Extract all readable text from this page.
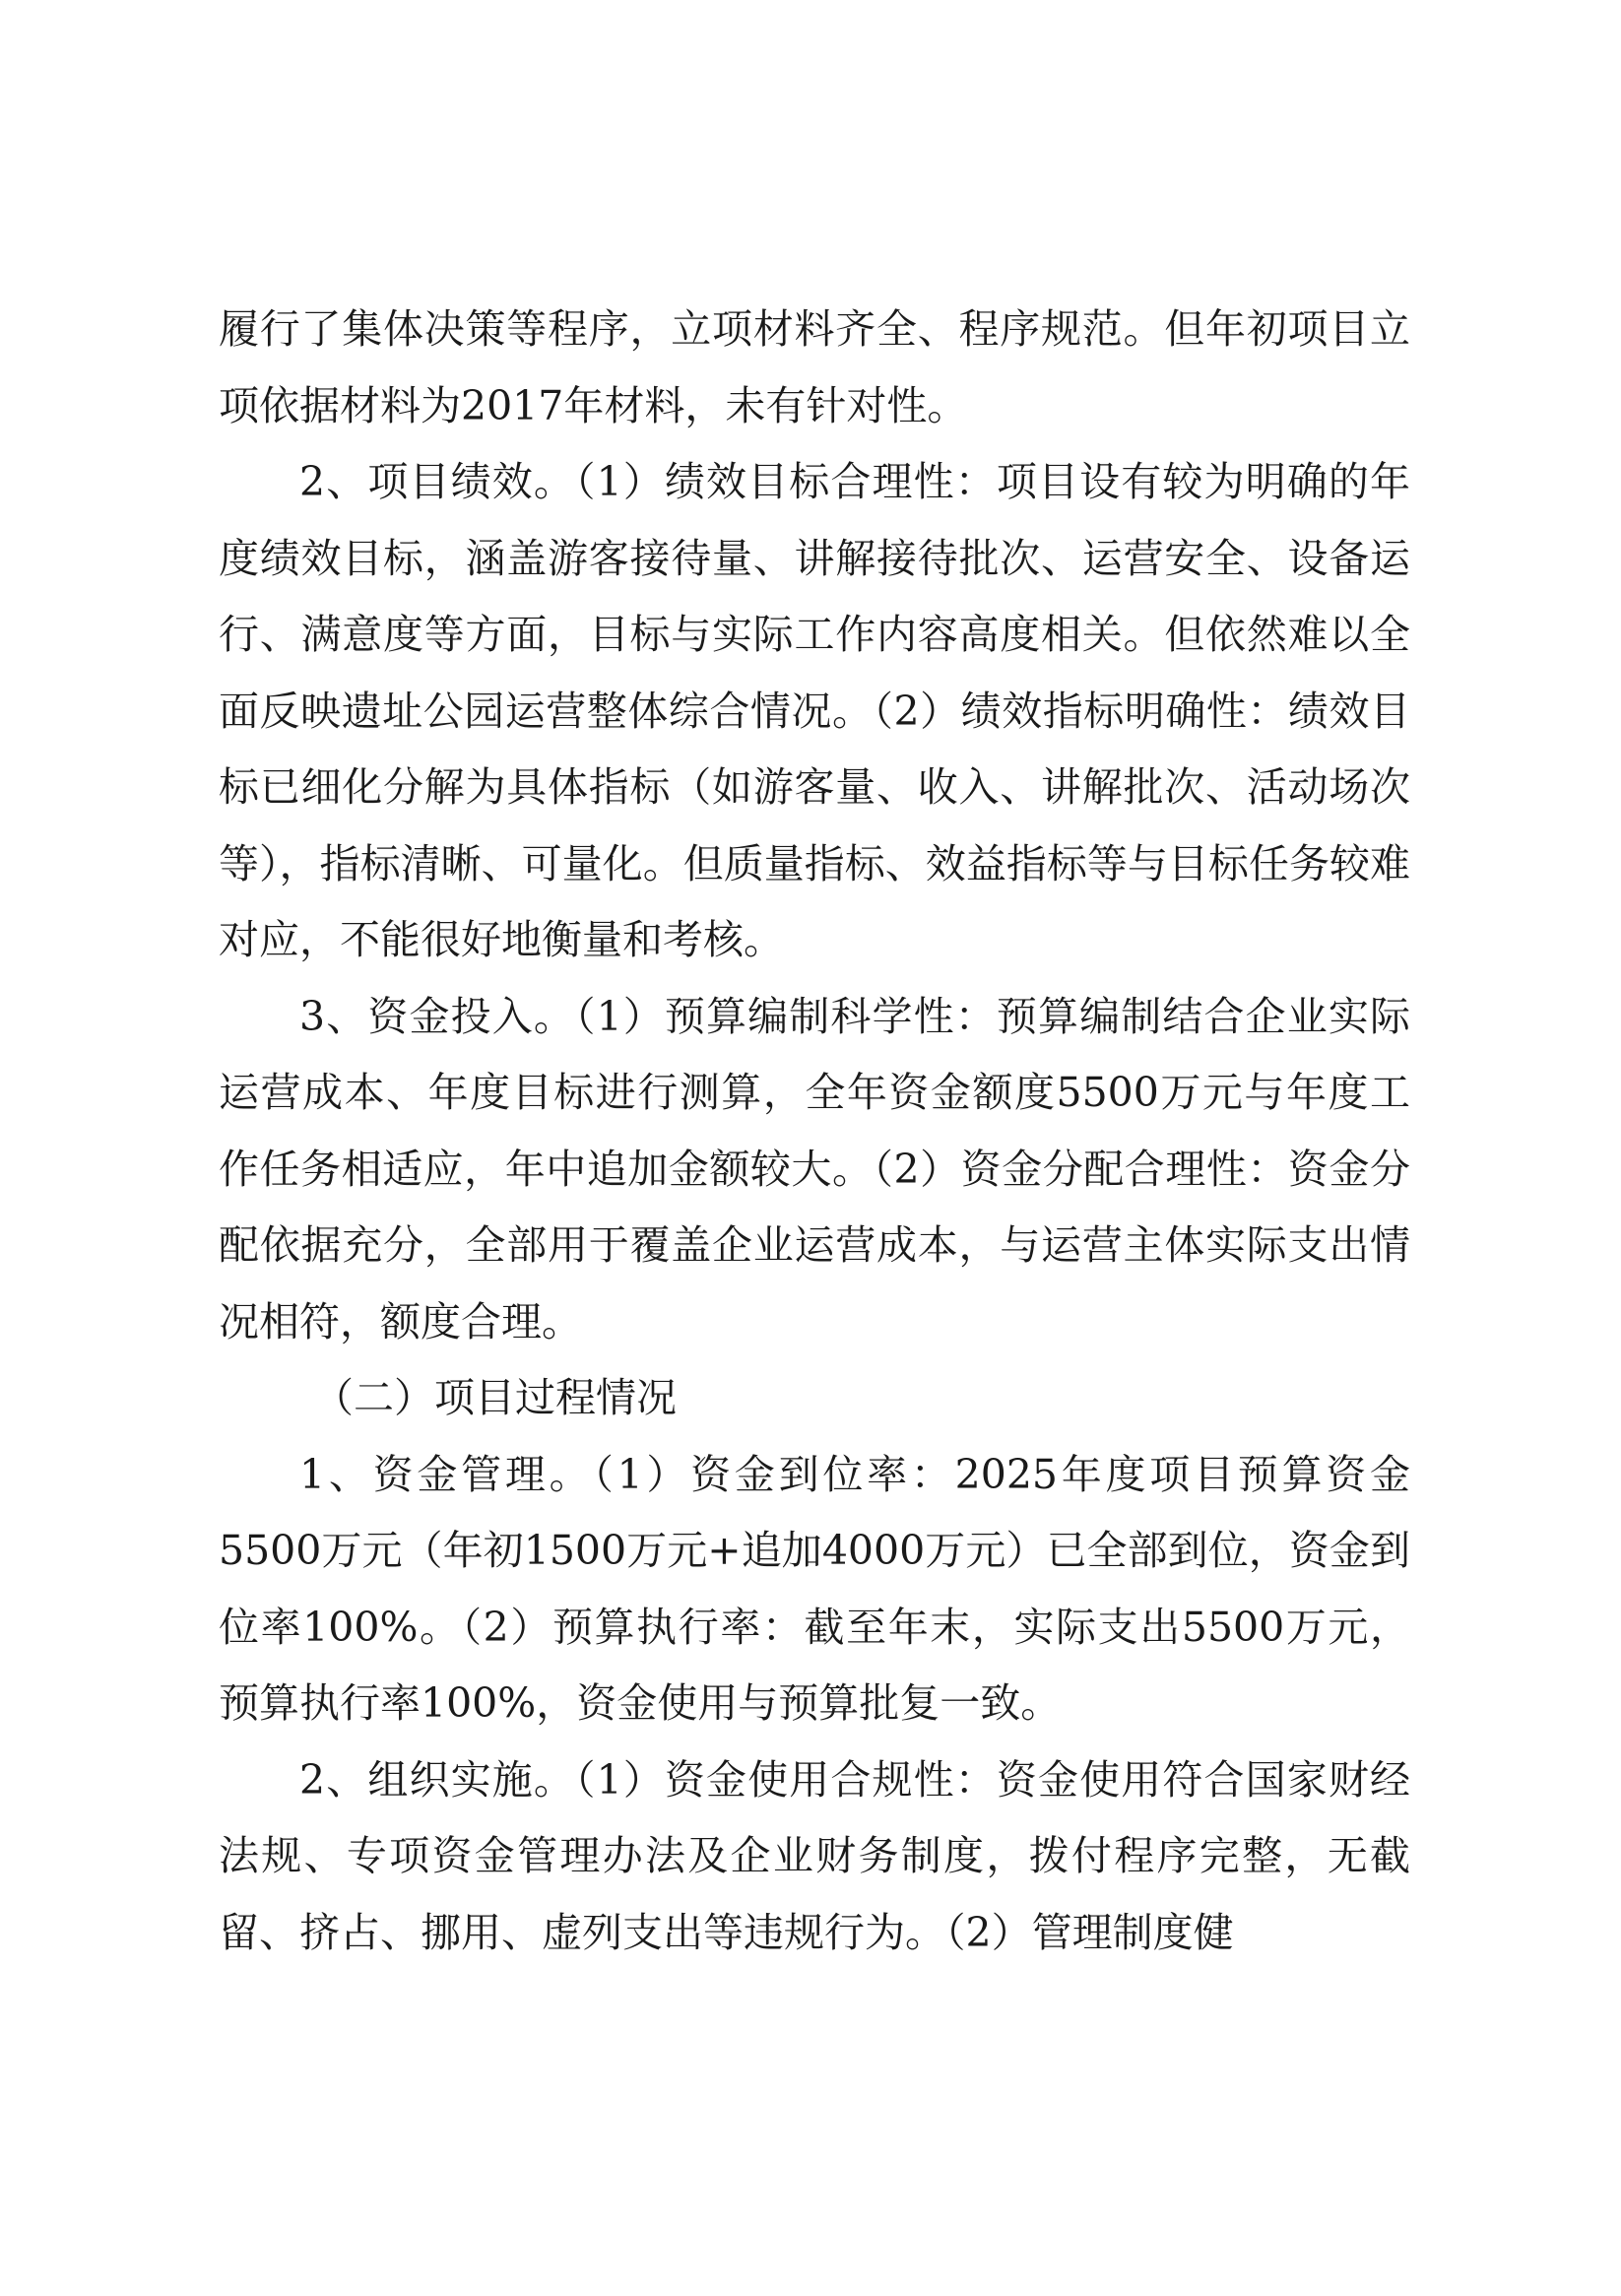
履行了集体决策等程序，立项材料齐全、程序规范。但年初项目立项依据材料为2017年材料，未有针对性。

2、项目绩效。（1）绩效目标合理性：项目设有较为明确的年度绩效目标，涵盖游客接待量、讲解接待批次、运营安全、设备运行、满意度等方面，目标与实际工作内容高度相关。但依然难以全面反映遗址公园运营整体综合情况。（2）绩效指标明确性：绩效目标已细化分解为具体指标（如游客量、收入、讲解批次、活动场次等），指标清晰、可量化。但质量指标、效益指标等与目标任务较难对应，不能很好地衡量和考核。

3、资金投入。（1）预算编制科学性：预算编制结合企业实际运营成本、年度目标进行测算，全年资金额度5500万元与年度工作任务相适应，年中追加金额较大。（2）资金分配合理性：资金分配依据充分，全部用于覆盖企业运营成本，与运营主体实际支出情况相符，额度合理。

（二）项目过程情况

1、资金管理。（1）资金到位率：2025年度项目预算资金5500万元（年初1500万元+追加4000万元）已全部到位，资金到位率100%。（2）预算执行率：截至年末，实际支出5500万元，预算执行率100%，资金使用与预算批复一致。

2、组织实施。（1）资金使用合规性：资金使用符合国家财经法规、专项资金管理办法及企业财务制度，拨付程序完整，无截留、挤占、挪用、虚列支出等违规行为。（2）管理制度健
